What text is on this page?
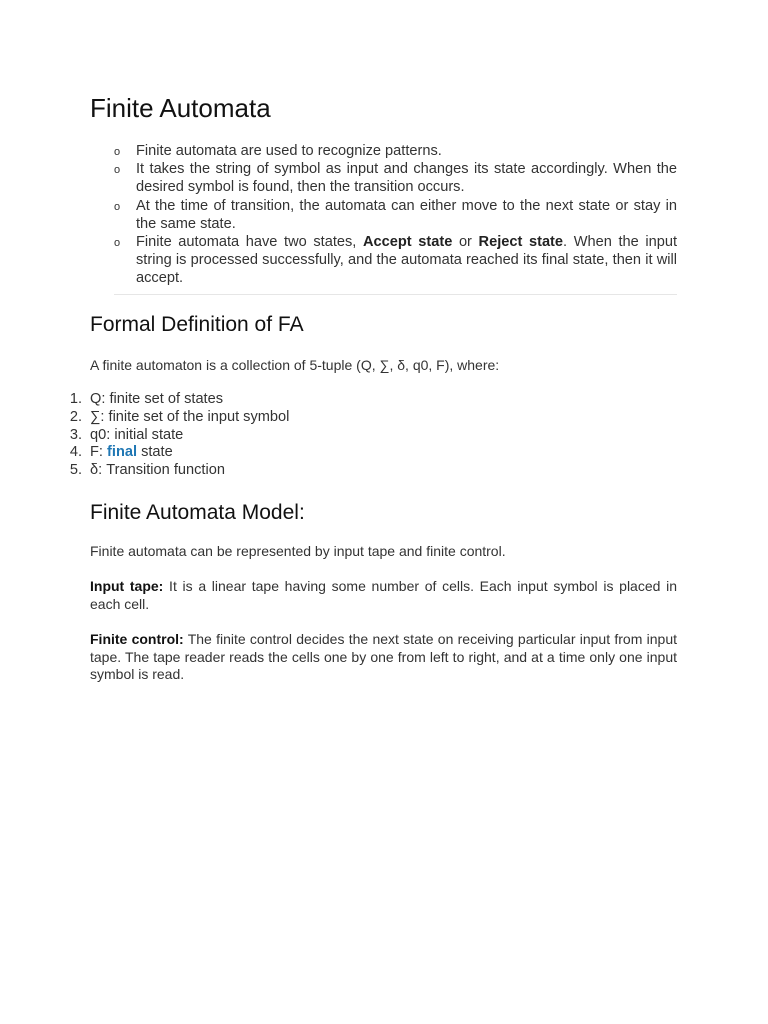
Finite Automata
o Finite automata are used to recognize patterns.
o It takes the string of symbol as input and changes its state accordingly. When the desired symbol is found, then the transition occurs.
o At the time of transition, the automata can either move to the next state or stay in the same state.
o Finite automata have two states, Accept state or Reject state. When the input string is processed successfully, and the automata reached its final state, then it will accept.
Formal Definition of FA

A finite automaton is a collection of 5-tuple (Q, ∑, δ, q0, F), where:

1. Q: finite set of states
2. ∑: finite set of the input symbol
3. q0: initial state
4. F: final state
5. δ: Transition function
Finite Automata Model:

Finite automata can be represented by input tape and finite control.

Input tape: It is a linear tape having some number of cells. Each input symbol is placed in each cell.

Finite control: The finite control decides the next state on receiving particular input from input tape. The tape reader reads the cells one by one from left to right, and at a time only one input symbol is read.
